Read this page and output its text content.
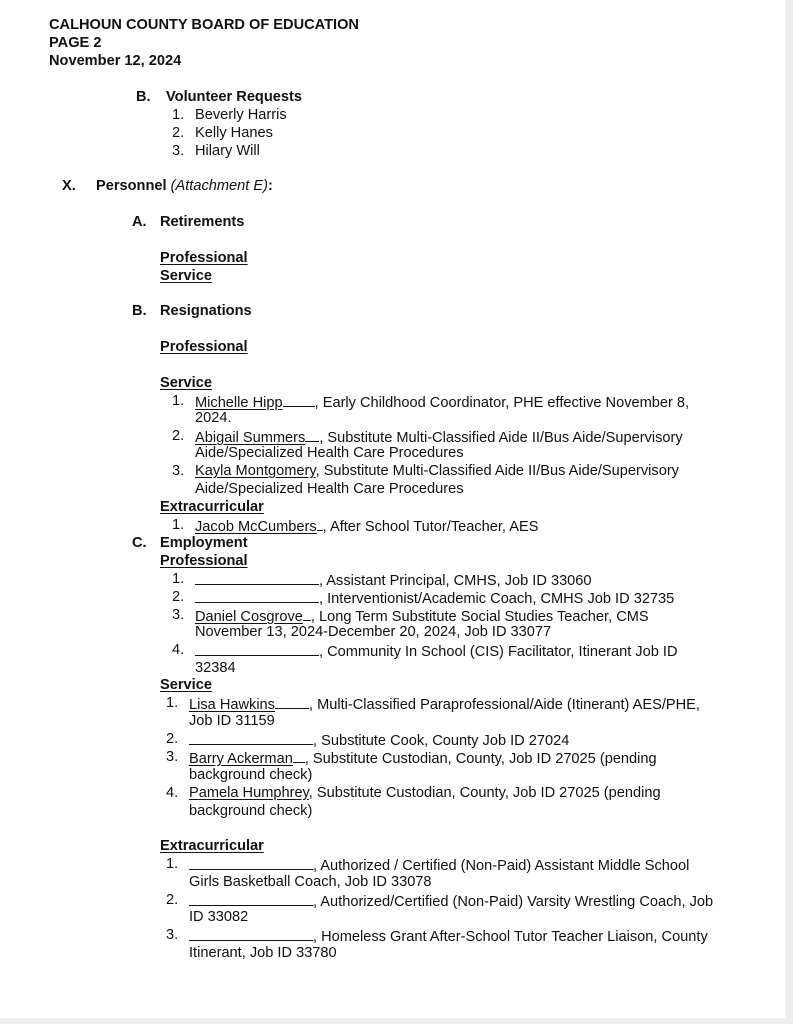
CALHOUN COUNTY BOARD OF EDUCATION
PAGE 2
November 12, 2024
B. Volunteer Requests
1. Beverly Harris
2. Kelly Hanes
3. Hilary Will
X. Personnel (Attachment E):
A. Retirements
Professional
Service
B. Resignations
Professional
Service
1. Michelle Hipp , Early Childhood Coordinator, PHE effective November 8,
2024.
2. Abigail Summers , Substitute Multi-Classified Aide II/Bus Aide/Supervisory
Aide/Specialized Health Care Procedures
3. Kayla Montgomery, Substitute Multi-Classified Aide II/Bus Aide/Supervisory
Aide/Specialized Health Care Procedures
Extracurricular
1. Jacob McCumbers , After School Tutor/Teacher, AES
C. Employment
Professional
1.	, Assistant Principal, CMHS, Job ID 33060
2.	, Interventionist/Academic Coach, CMHS Job ID 32735
3. Daniel Cosgrove , Long Term Substitute Social Studies Teacher, CMS
November 13, 2024-December 20, 2024, Job ID 33077
4.	, Community In School (CIS) Facilitator, Itinerant Job ID
32384
Service
1. Lisa Hawkins , Multi-Classified Paraprofessional/Aide (Itinerant) AES/PHE,
Job ID 31159
2.	, Substitute Cook, County Job ID 27024
3. Barry Ackerman , Substitute Custodian, County, Job ID 27025 (pending
background check)
4. Pamela Humphrey, Substitute Custodian, County, Job ID 27025 (pending
background check)
Extracurricular
1.	, Authorized / Certified (Non-Paid) Assistant Middle School
Girls Basketball Coach, Job ID 33078
2.	, Authorized/Certified (Non-Paid) Varsity Wrestling Coach, Job
ID 33082
3.	, Homeless Grant After-School Tutor Teacher Liaison, County
Itinerant, Job ID 33780
